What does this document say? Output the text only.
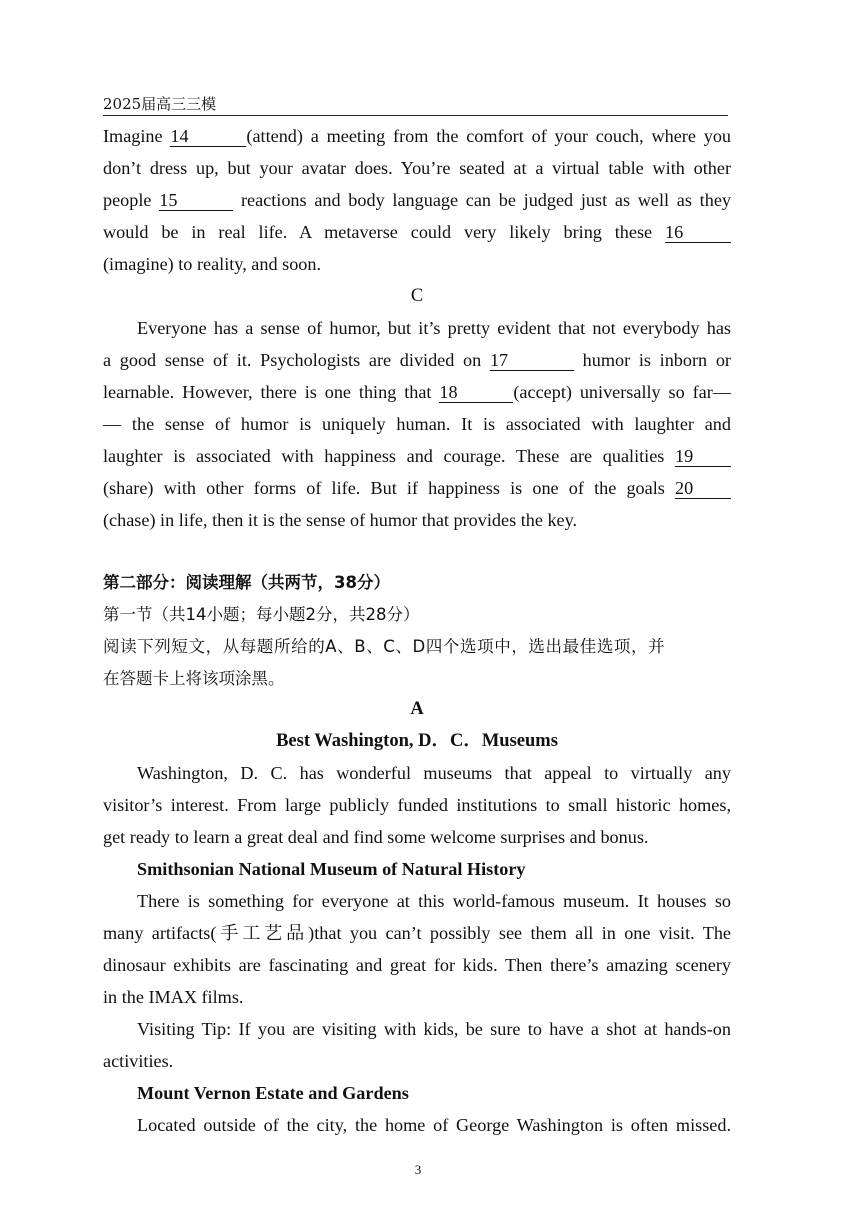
2025届高三三模
Imagine 14	(attend) a meeting from the comfort of your couch, where you
don’t dress up, but your avatar does. You’re seated at a virtual table with other
people 15	reactions and body language can be judged just as well as they
would be in real life. A metaverse could very likely bring these 16
(imagine) to reality, and soon.
C
Everyone has a sense of humor, but it’s pretty evident that not everybody has
a good sense of it. Psychologists are divided on 17	humor is inborn or
learnable. However, there is one thing that 18	(accept) universally so far—
— the sense of humor is uniquely human. It is associated with laughter and
laughter is associated with happiness and courage. These are qualities 19
(share) with other forms of life. But if happiness is one of the goals 20
(chase) in life, then it is the sense of humor that provides the key.
第二部分：阅读理解（共两节，38分）
第一节（共14小题；每小题2分，共28分）
阅读下列短文，从每题所给的A、B、C、D四个选项中，选出最佳选项，并
在答题卡上将该项涂黑。
A
Best Washington, D．C．Museums
Washington, D. C. has wonderful museums that appeal to virtually any
visitor’s interest. From large publicly funded institutions to small historic homes,
get ready to learn a great deal and find some welcome surprises and bonus.
Smithsonian National Museum of Natural History
There is something for everyone at this world-famous museum. It houses so
many artifacts(手工艺品)that you can’t possibly see them all in one visit. The
dinosaur exhibits are fascinating and great for kids. Then there’s amazing scenery
in the IMAX films.
Visiting Tip: If you are visiting with kids, be sure to have a shot at hands-on
activities.
Mount Vernon Estate and Gardens
Located outside of the city, the home of George Washington is often missed.
3
